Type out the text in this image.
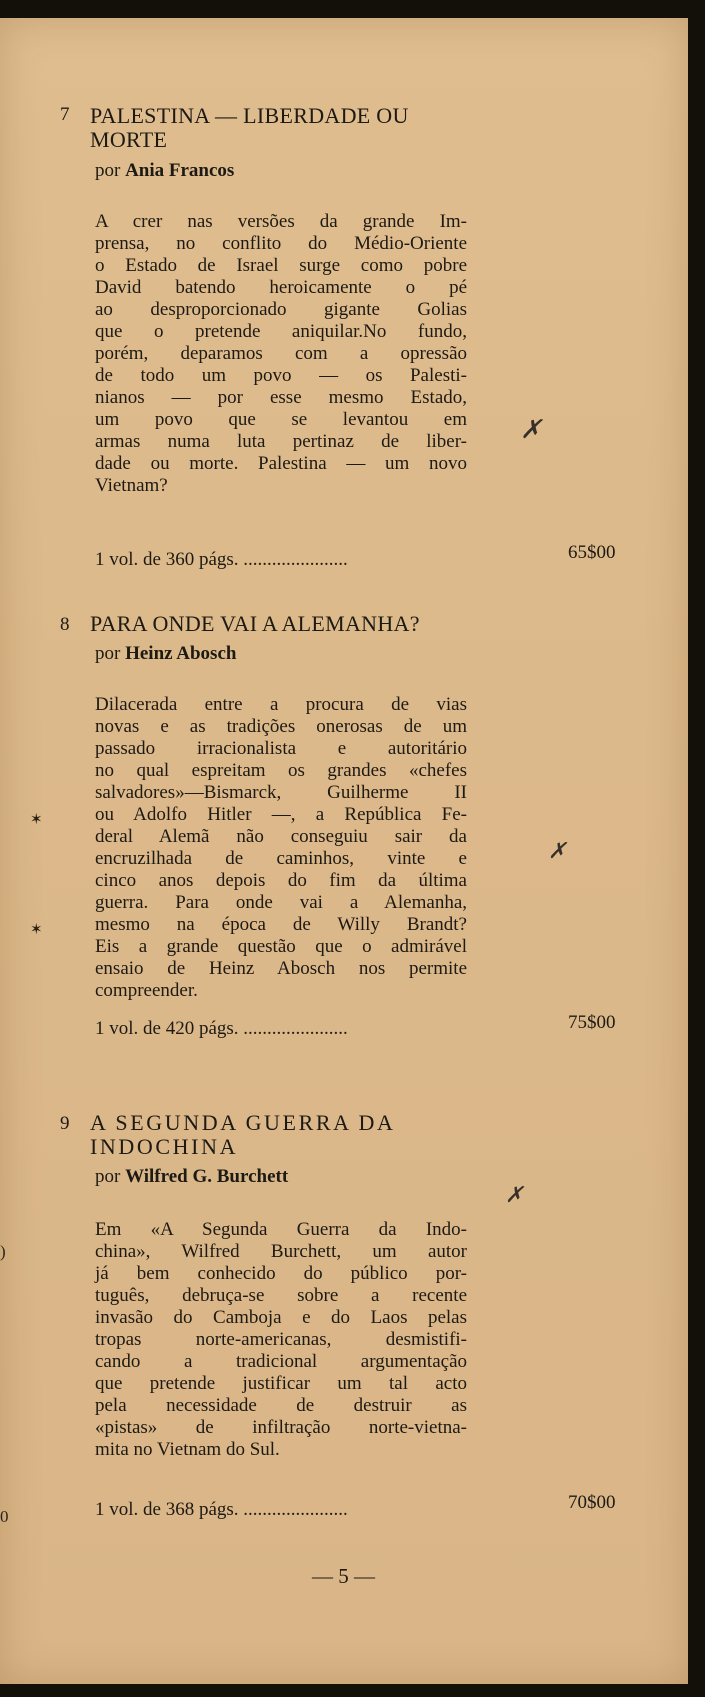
)
0
✶
✶
7 PALESTINA — LIBERDADE OU MORTE
por Ania Francos
A crer nas versões da grande Im-
prensa, no conflito do Médio-Oriente
o Estado de Israel surge como pobre
David batendo heroicamente o pé
ao desproporcionado gigante Golias
que o pretende aniquilar.No fundo,
porém, deparamos com a opressão
de todo um povo — os Palesti-
nianos — por esse mesmo Estado,
um povo que se levantou em
armas numa luta pertinaz de liber-
dade ou morte. Palestina — um novo
Vietnam?
1 vol. de 360 págs. ......................	65$00
✗
8 PARA ONDE VAI A ALEMANHA?
por Heinz Abosch
Dilacerada entre a procura de vias
novas e as tradições onerosas de um
passado irracionalista e autoritário
no qual espreitam os grandes «chefes
salvadores»—Bismarck, Guilherme II
ou Adolfo Hitler —, a República Fe-
deral Alemã não conseguiu sair da
encruzilhada de caminhos, vinte e
cinco anos depois do fim da última
guerra. Para onde vai a Alemanha,
mesmo na época de Willy Brandt?
Eis a grande questão que o admirável
ensaio de Heinz Abosch nos permite
compreender.
1 vol. de 420 págs. ......................	75$00
✗
9 A SEGUNDA GUERRA DA INDOCHINA
por Wilfred G. Burchett
Em «A Segunda Guerra da Indo-
china», Wilfred Burchett, um autor
já bem conhecido do público por-
tuguês, debruça-se sobre a recente
invasão do Camboja e do Laos pelas
tropas norte-americanas, desmistifi-
cando a tradicional argumentação
que pretende justificar um tal acto
pela necessidade de destruir as
«pistas» de infiltração norte-vietna-
mita no Vietnam do Sul.
1 vol. de 368 págs. ......................	70$00
✗
— 5 —
